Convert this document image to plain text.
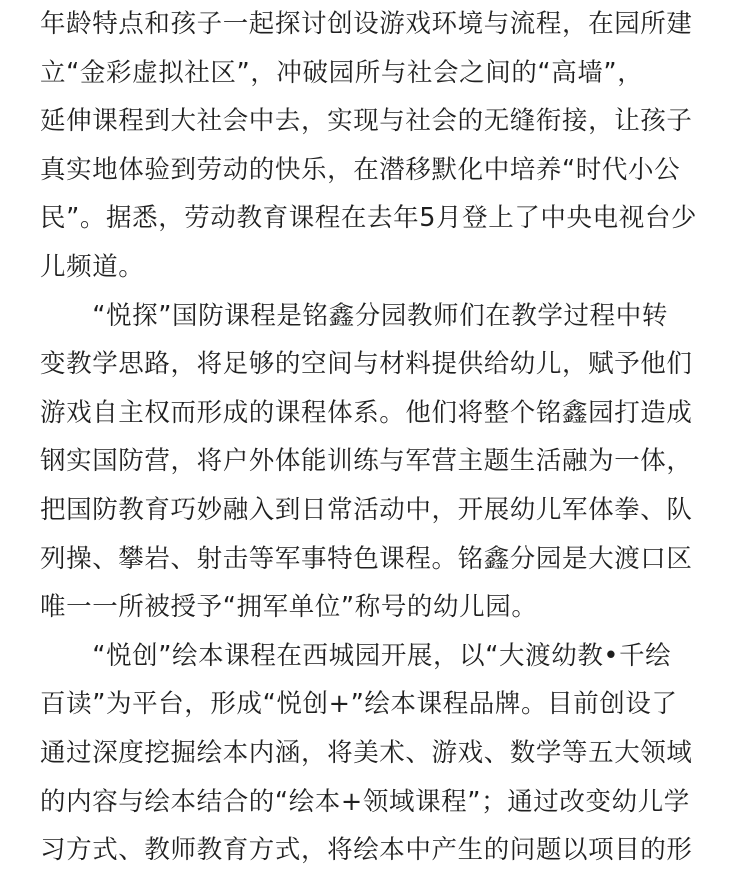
年龄特点和孩子一起探讨创设游戏环境与流程，在园所建
立“金彩虚拟社区”，冲破园所与社会之间的“高墙”，
延伸课程到大社会中去，实现与社会的无缝衔接，让孩子
真实地体验到劳动的快乐，在潜移默化中培养“时代小公
民”。据悉，劳动教育课程在去年5月登上了中央电视台少
儿频道。
　　“悦探”国防课程是铭鑫分园教师们在教学过程中转
变教学思路，将足够的空间与材料提供给幼儿，赋予他们
游戏自主权而形成的课程体系。他们将整个铭鑫园打造成
钢实国防营，将户外体能训练与军营主题生活融为一体，
把国防教育巧妙融入到日常活动中，开展幼儿军体拳、队
列操、攀岩、射击等军事特色课程。铭鑫分园是大渡口区
唯一一所被授予“拥军单位”称号的幼儿园。
　　“悦创”绘本课程在西城园开展，以“大渡幼教•千绘
百读”为平台，形成“悦创+”绘本课程品牌。目前创设了
通过深度挖掘绘本内涵，将美术、游戏、数学等五大领域
的内容与绘本结合的“绘本+领域课程”；通过改变幼儿学
习方式、教师教育方式，将绘本中产生的问题以项目的形
